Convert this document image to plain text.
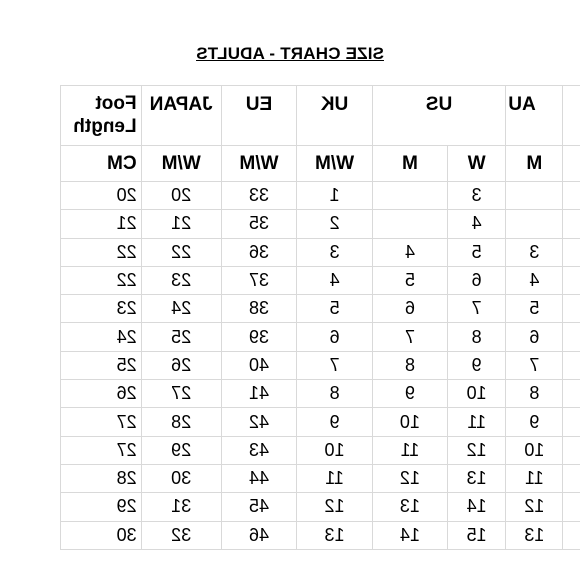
SIZE CHART - ADULTS
	AU	US		UK	EU	JAPAN	Foot
Length
	M	W	M	W/M	W/M	W/M	CM
		3		1	33	20	20
		4		2	35	21	21
	3	5	4	3	36	22	22
	4	6	5	4	37	23	22
	5	7	6	5	38	24	23
	6	8	7	6	39	25	24
	7	9	8	7	40	26	25
	8	10	9	8	41	27	26
	9	11	10	9	42	28	27
	10	12	11	10	43	29	27
	11	13	12	11	44	30	28
	12	14	13	12	45	31	29
	13	15	14	13	46	32	30
